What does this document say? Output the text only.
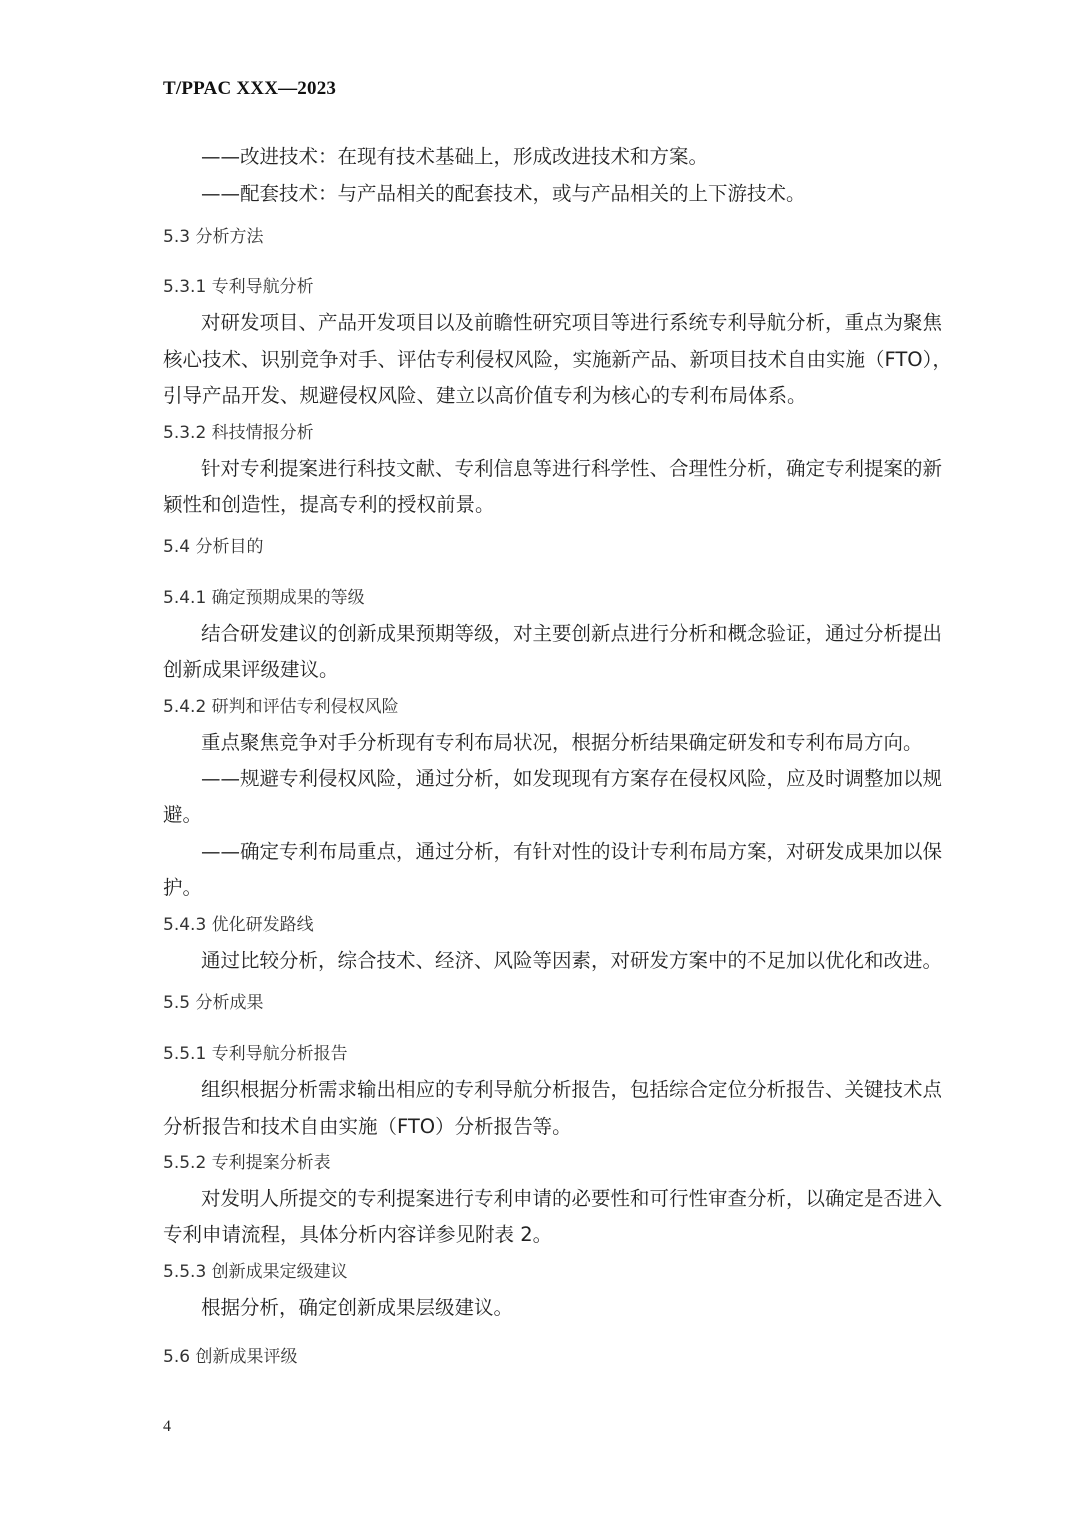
T/PPAC XXX—2023
——改进技术：在现有技术基础上，形成改进技术和方案。
——配套技术：与产品相关的配套技术，或与产品相关的上下游技术。
5.3 分析方法
5.3.1 专利导航分析
对研发项目、产品开发项目以及前瞻性研究项目等进行系统专利导航分析，重点为聚焦
核心技术、识别竞争对手、评估专利侵权风险，实施新产品、新项目技术自由实施（FTO），
引导产品开发、规避侵权风险、建立以高价值专利为核心的专利布局体系。
5.3.2 科技情报分析
针对专利提案进行科技文献、专利信息等进行科学性、合理性分析，确定专利提案的新
颖性和创造性，提高专利的授权前景。
5.4 分析目的
5.4.1 确定预期成果的等级
结合研发建议的创新成果预期等级，对主要创新点进行分析和概念验证，通过分析提出
创新成果评级建议。
5.4.2 研判和评估专利侵权风险
重点聚焦竞争对手分析现有专利布局状况，根据分析结果确定研发和专利布局方向。
——规避专利侵权风险，通过分析，如发现现有方案存在侵权风险，应及时调整加以规
避。
——确定专利布局重点，通过分析，有针对性的设计专利布局方案，对研发成果加以保
护。
5.4.3 优化研发路线
通过比较分析，综合技术、经济、风险等因素，对研发方案中的不足加以优化和改进。
5.5 分析成果
5.5.1 专利导航分析报告
组织根据分析需求输出相应的专利导航分析报告，包括综合定位分析报告、关键技术点
分析报告和技术自由实施（FTO）分析报告等。
5.5.2 专利提案分析表
对发明人所提交的专利提案进行专利申请的必要性和可行性审查分析，以确定是否进入
专利申请流程，具体分析内容详参见附表 2。
5.5.3 创新成果定级建议
根据分析，确定创新成果层级建议。
5.6 创新成果评级
4
